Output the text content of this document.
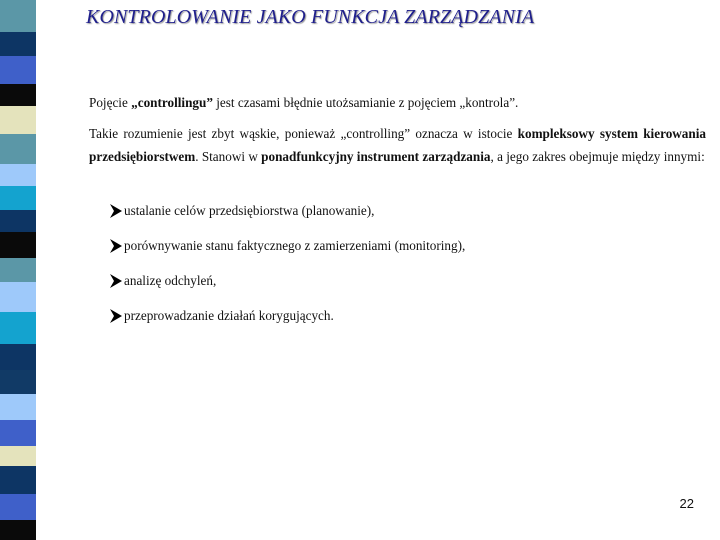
KONTROLOWANIE JAKO FUNKCJA ZARZĄDZANIA

Pojęcie „controllingu” jest czasami błędnie utożsamianie z pojęciem „kontrola”.

Takie rozumienie jest zbyt wąskie, ponieważ „controlling” oznacza w istocie kompleksowy system kierowania przedsiębiorstwem. Stanowi w ponadfunkcyjny instrument zarządzania, a jego zakres obejmuje między innymi:

ustalanie celów przedsiębiorstwa (planowanie),
porównywanie stanu faktycznego z zamierzeniami (monitoring),
analizę odchyleń,
przeprowadzanie działań korygujących.
22
